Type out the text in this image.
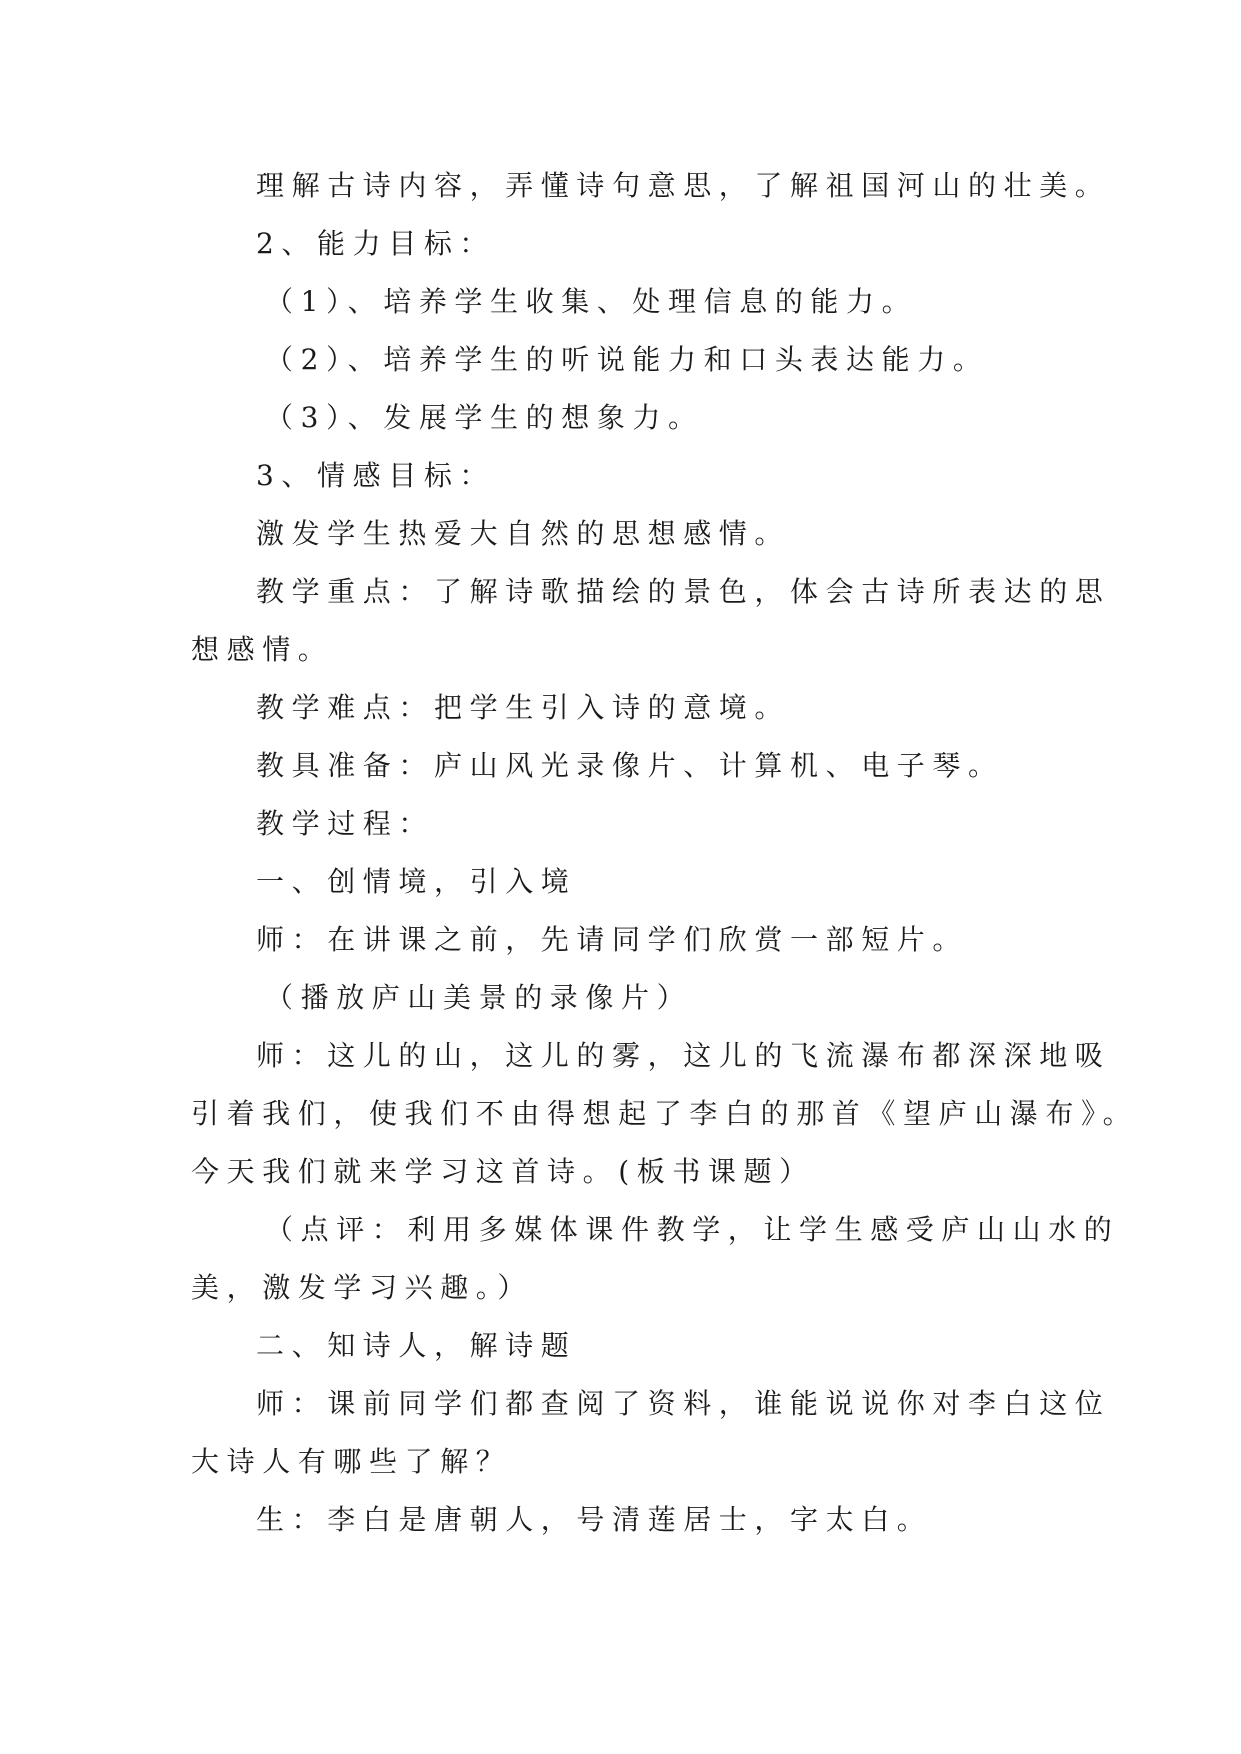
理解古诗内容，弄懂诗句意思，了解祖国河山的壮美。
2、能力目标：
（1）、培养学生收集、处理信息的能力。
（2）、培养学生的听说能力和口头表达能力。
（3）、发展学生的想象力。
3、情感目标：
激发学生热爱大自然的思想感情。
教学重点：了解诗歌描绘的景色，体会古诗所表达的思
想感情。
教学难点：把学生引入诗的意境。
教具准备：庐山风光录像片、计算机、电子琴。
教学过程：
一、创情境，引入境
师：在讲课之前，先请同学们欣赏一部短片。
（播放庐山美景的录像片）
师：这儿的山，这儿的雾，这儿的飞流瀑布都深深地吸
引着我们，使我们不由得想起了李白的那首《望庐山瀑布》。
今天我们就来学习这首诗。(板书课题）
（点评：利用多媒体课件教学，让学生感受庐山山水的
美，激发学习兴趣。）
二、知诗人，解诗题
师：课前同学们都查阅了资料，谁能说说你对李白这位
大诗人有哪些了解？
生：李白是唐朝人，号清莲居士，字太白。
